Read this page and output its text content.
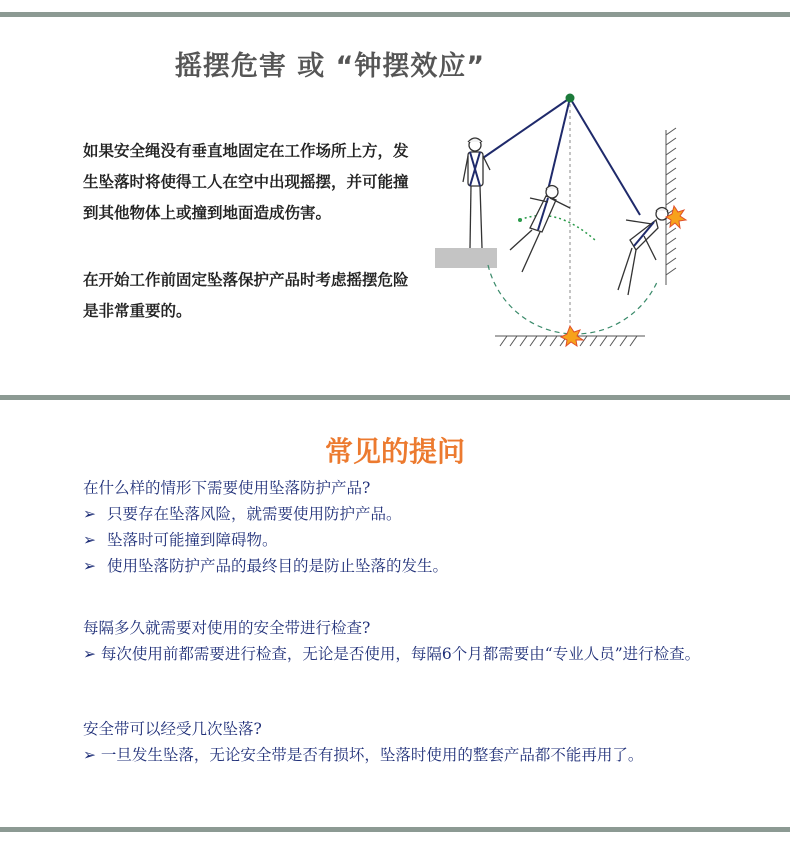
摇摆危害 或 “钟摆效应”
如果安全绳没有垂直地固定在工作场所上方，发生坠落时将使得工人在空中出现摇摆，并可能撞到其他物体上或撞到地面造成伤害。
在开始工作前固定坠落保护产品时考虑摇摆危险是非常重要的。
常见的提问
在什么样的情形下需要使用坠落防护产品?
➢ 只要存在坠落风险，就需要使用防护产品。
➢ 坠落时可能撞到障碍物。
➢ 使用坠落防护产品的最终目的是防止坠落的发生。
每隔多久就需要对使用的安全带进行检查?
➢ 每次使用前都需要进行检查，无论是否使用，每隔6个月都需要由“专业人员”进行检查。
安全带可以经受几次坠落?
➢ 一旦发生坠落，无论安全带是否有损坏，坠落时使用的整套产品都不能再用了。
